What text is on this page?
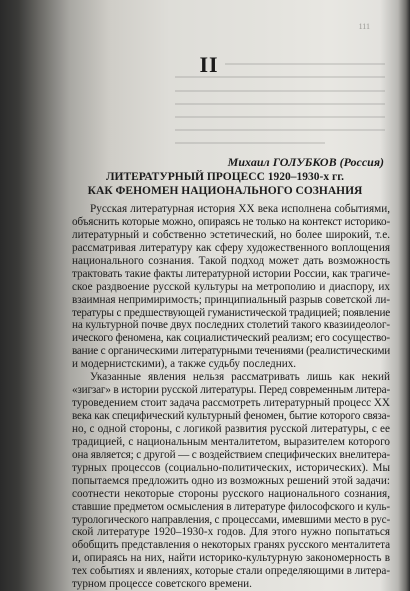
111
II
Михаил ГОЛУБКОВ (Россия)
ЛИТЕРАТУРНЫЙ ПРОЦЕСС 1920–1930-х гг.
КАК ФЕНОМЕН НАЦИОНАЛЬНОГО СОЗНАНИЯ
Русская литературная история XX века исполнена событиями,
объяснить которые можно, опираясь не только на контекст историко-
литературный и собственно эстетический, но более широкий, т.е.
рассматривая литературу как сферу художественного воплощения
национального сознания. Такой подход может дать возможность
трактовать такие факты литературной истории России, как трагиче-
ское раздвоение русской культуры на метрополию и диаспору, их
взаимная непримиримость; принципиальный разрыв советской ли-
тературы с предшествующей гуманистической традицией; появление
на культурной почве двух последних столетий такого квазиидеолог-
ического феномена, как социалистический реализм; его сосущество-
вание с органическими литературными течениями (реалистическими
и модернистскими), а также судьбу последних.
Указанные явления нельзя рассматривать лишь как некий
«зигзаг» в истории русской литературы. Перед современным литера-
туроведением стоит задача рассмотреть литературный процесс XX
века как специфический культурный феномен, бытие которого связа-
но, с одной стороны, с логикой развития русской литературы, с ее
традицией, с национальным менталитетом, выразителем которого
она является; с другой — с воздействием специфических внелитера-
турных процессов (социально-политических, исторических). Мы
попытаемся предложить одно из возможных решений этой задачи:
соотнести некоторые стороны русского национального сознания,
ставшие предметом осмысления в литературе философского и куль-
турологического направления, с процессами, имевшими место в рус-
ской литературе 1920–1930-х годов. Для этого нужно попытаться
обобщить представления о некоторых гранях русского менталитета
и, опираясь на них, найти историко-культурную закономерность в
тех событиях и явлениях, которые стали определяющими в литера-
турном процессе советского времени.
